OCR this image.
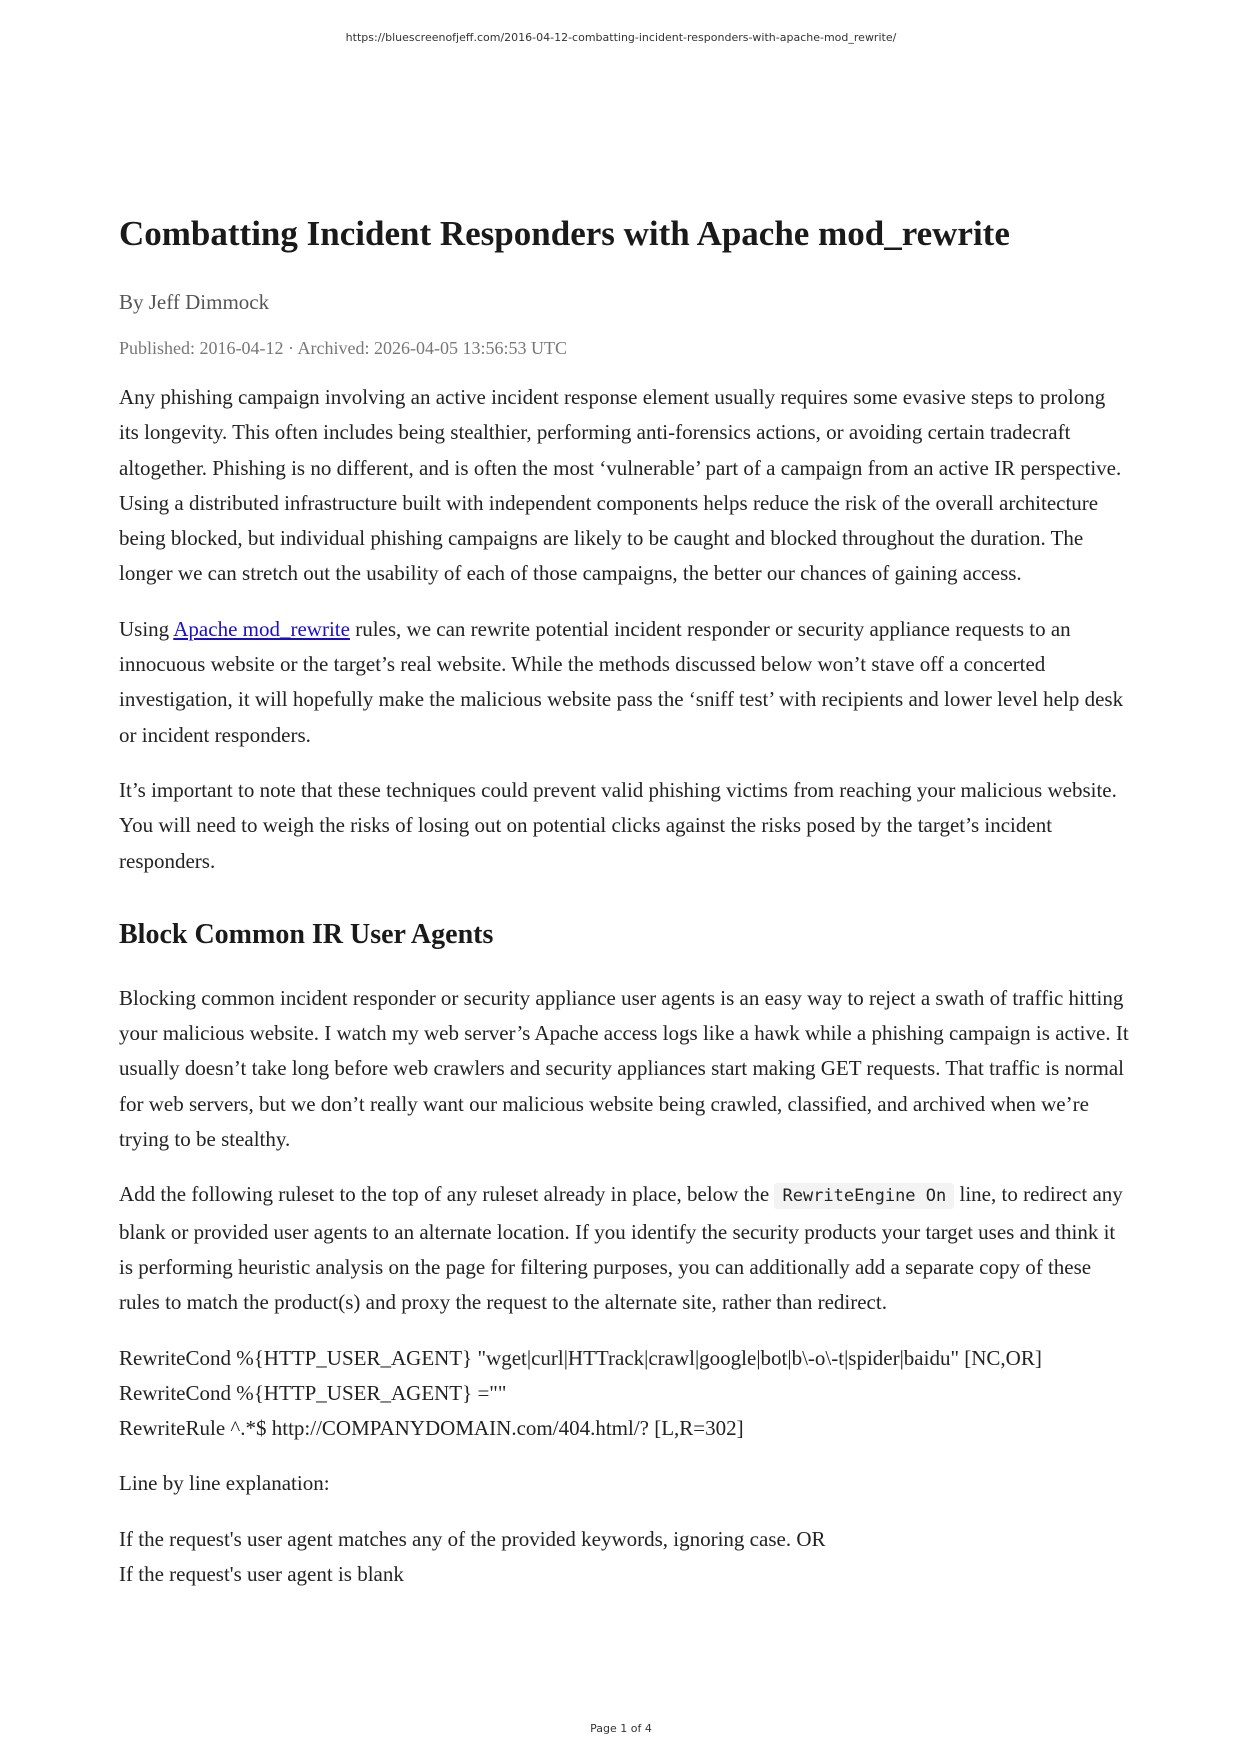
https://bluescreenofjeff.com/2016-04-12-combatting-incident-responders-with-apache-mod_rewrite/
Combatting Incident Responders with Apache mod_rewrite
By Jeff Dimmock
Published: 2016-04-12 · Archived: 2026-04-05 13:56:53 UTC

Any phishing campaign involving an active incident response element usually requires some evasive steps to prolong its longevity. This often includes being stealthier, performing anti-forensics actions, or avoiding certain tradecraft altogether. Phishing is no different, and is often the most ‘vulnerable’ part of a campaign from an active IR perspective. Using a distributed infrastructure built with independent components helps reduce the risk of the overall architecture being blocked, but individual phishing campaigns are likely to be caught and blocked throughout the duration. The longer we can stretch out the usability of each of those campaigns, the better our chances of gaining access.

Using Apache mod_rewrite rules, we can rewrite potential incident responder or security appliance requests to an innocuous website or the target’s real website. While the methods discussed below won’t stave off a concerted investigation, it will hopefully make the malicious website pass the ‘sniff test’ with recipients and lower level help desk or incident responders.

It’s important to note that these techniques could prevent valid phishing victims from reaching your malicious website. You will need to weigh the risks of losing out on potential clicks against the risks posed by the target’s incident responders.

Block Common IR User Agents

Blocking common incident responder or security appliance user agents is an easy way to reject a swath of traffic hitting your malicious website. I watch my web server’s Apache access logs like a hawk while a phishing campaign is active. It usually doesn’t take long before web crawlers and security appliances start making GET requests. That traffic is normal for web servers, but we don’t really want our malicious website being crawled, classified, and archived when we’re trying to be stealthy.

Add the following ruleset to the top of any ruleset already in place, below the RewriteEngine On line, to redirect any blank or provided user agents to an alternate location. If you identify the security products your target uses and think it is performing heuristic analysis on the page for filtering purposes, you can additionally add a separate copy of these rules to match the product(s) and proxy the request to the alternate site, rather than redirect.

RewriteCond %{HTTP_USER_AGENT} "wget|curl|HTTrack|crawl|google|bot|b\-o\-t|spider|baidu" [NC,OR]

RewriteCond %{HTTP_USER_AGENT} =""

RewriteRule ^.*$ http://COMPANYDOMAIN.com/404.html/? [L,R=302]

Line by line explanation:

If the request's user agent matches any of the provided keywords, ignoring case. OR

If the request's user agent is blank

Page 1 of 4
